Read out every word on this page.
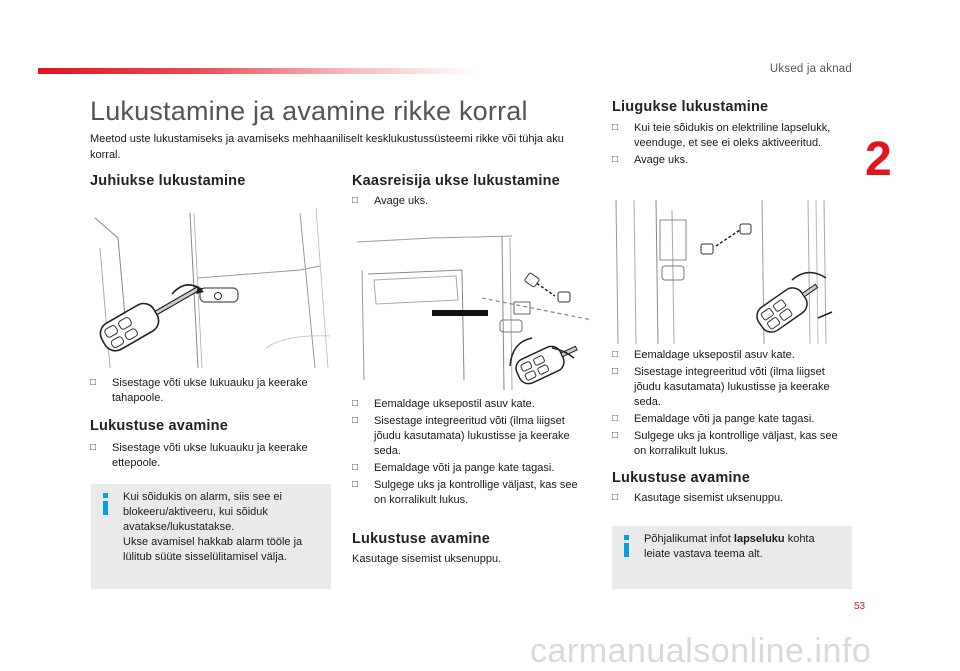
Uksed ja aknad
2
Lukustamine ja avamine rikke korral
Meetod uste lukustamiseks ja avamiseks mehhaaniliselt kesklukustussüsteemi rikke või tühja aku korral.
Juhiukse lukustamine
□ Sisestage võti ukse lukuauku ja keerake tahapoole.
Lukustuse avamine
□ Sisestage võti ukse lukuauku ja keerake ettepoole.
Kui sõidukis on alarm, siis see ei blokeeru/aktiveeru, kui sõiduk avatakse/lukustatakse.
Ukse avamisel hakkab alarm tööle ja lülitub süüte sisselülitamisel välja.
Kaasreisija ukse lukustamine
□ Avage uks.
□ Eemaldage uksepostil asuv kate.
□ Sisestage integreeritud võti (ilma liigset jõudu kasutamata) lukustisse ja keerake seda.
□ Eemaldage võti ja pange kate tagasi.
□ Sulgege uks ja kontrollige väljast, kas see on korralikult lukus.
Lukustuse avamine
Kasutage sisemist uksenuppu.
Liugukse lukustamine
□ Kui teie sõidukis on elektriline lapselukk, veenduge, et see ei oleks aktiveeritud.
□ Avage uks.
□ Eemaldage uksepostil asuv kate.
□ Sisestage integreeritud võti (ilma liigset jõudu kasutamata) lukustisse ja keerake seda.
□ Eemaldage võti ja pange kate tagasi.
□ Sulgege uks ja kontrollige väljast, kas see on korralikult lukus.
Lukustuse avamine
□ Kasutage sisemist uksenuppu.
Põhjalikumat infot lapseluku kohta leiate vastava teema alt.
53
carmanualsonline.info
